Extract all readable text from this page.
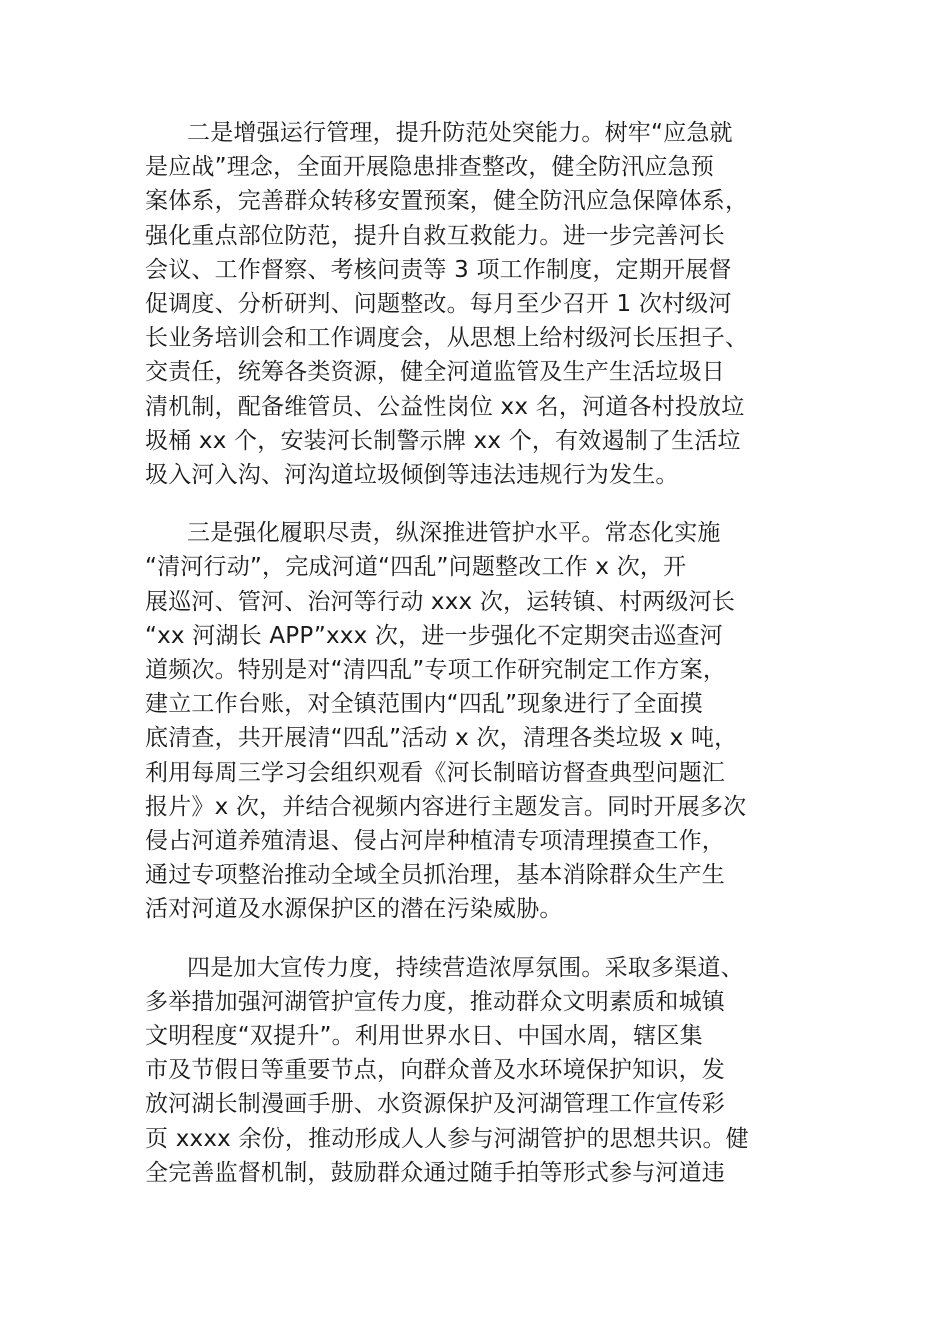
二是增强运行管理，提升防范处突能力。树牢“应急就
是应战”理念，全面开展隐患排查整改，健全防汛应急预
案体系，完善群众转移安置预案，健全防汛应急保障体系，
强化重点部位防范，提升自救互救能力。进一步完善河长
会议、工作督察、考核问责等 3 项工作制度，定期开展督
促调度、分析研判、问题整改。每月至少召开 1 次村级河
长业务培训会和工作调度会，从思想上给村级河长压担子、
交责任，统筹各类资源，健全河道监管及生产生活垃圾日
清机制，配备维管员、公益性岗位 xx 名，河道各村投放垃
圾桶 xx 个，安装河长制警示牌 xx 个，有效遏制了生活垃
圾入河入沟、河沟道垃圾倾倒等违法违规行为发生。

三是强化履职尽责，纵深推进管护水平。常态化实施
“清河行动”，完成河道“四乱”问题整改工作 x 次，开
展巡河、管河、治河等行动 xxx 次，运转镇、村两级河长
“xx 河湖长 APP”xxx 次，进一步强化不定期突击巡查河
道频次。特别是对“清四乱”专项工作研究制定工作方案，
建立工作台账，对全镇范围内“四乱”现象进行了全面摸
底清查，共开展清“四乱”活动 x 次，清理各类垃圾 x 吨，
利用每周三学习会组织观看《河长制暗访督查典型问题汇
报片》x 次，并结合视频内容进行主题发言。同时开展多次
侵占河道养殖清退、侵占河岸种植清专项清理摸查工作，
通过专项整治推动全域全员抓治理，基本消除群众生产生
活对河道及水源保护区的潜在污染威胁。

四是加大宣传力度，持续营造浓厚氛围。采取多渠道、
多举措加强河湖管护宣传力度，推动群众文明素质和城镇
文明程度“双提升”。利用世界水日、中国水周，辖区集
市及节假日等重要节点，向群众普及水环境保护知识，发
放河湖长制漫画手册、水资源保护及河湖管理工作宣传彩
页 xxxx 余份，推动形成人人参与河湖管护的思想共识。健
全完善监督机制，鼓励群众通过随手拍等形式参与河道违
